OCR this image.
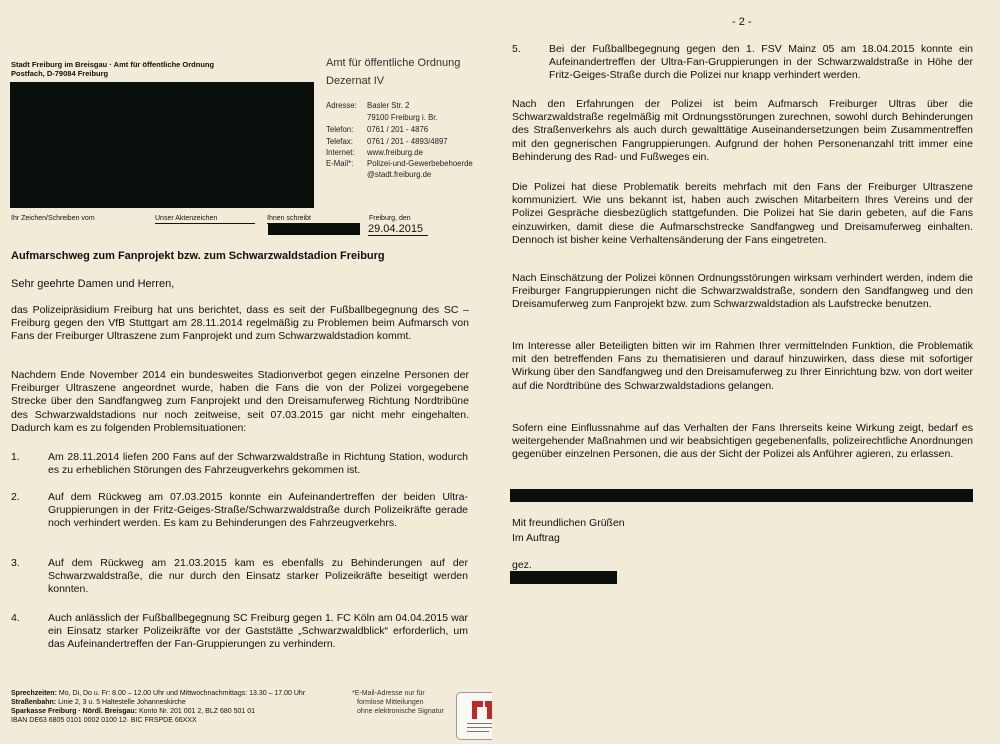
Stadt Freiburg im Breisgau · Amt für öffentliche Ordnung
Postfach, D-79084 Freiburg
Amt für öffentliche Ordnung
Dezernat IV
Adresse: Basler Str. 2
79100 Freiburg i. Br.
Telefon: 0761 / 201 - 4876
Telefax: 0761 / 201 - 4893/4897
Internet: www.freiburg.de
E-Mail*: Polizei-und-Gewerbebehoerde
@stadt.freiburg.de
Ihr Zeichen/Schreiben vom	Unser Aktenzeichen	Ihnen schreibt	Freiburg, den
29.04.2015
Aufmarschweg zum Fanprojekt bzw. zum Schwarzwaldstadion Freiburg
Sehr geehrte Damen und Herren,
das Polizeipräsidium Freiburg hat uns berichtet, dass es seit der Fußballbegegnung des SC – Freiburg gegen den VfB Stuttgart am 28.11.2014 regelmäßig zu Problemen beim Aufmarsch von Fans der Freiburger Ultraszene zum Fanprojekt und zum Schwarzwaldstadion kommt.
Nachdem Ende November 2014 ein bundesweites Stadionverbot gegen einzelne Personen der Freiburger Ultraszene angeordnet wurde, haben die Fans die von der Polizei vorgegebene Strecke über den Sandfangweg zum Fanprojekt und den Dreisamuferweg Richtung Nordtribüne des Schwarzwaldstadions nur noch zeitweise, seit 07.03.2015 gar nicht mehr eingehalten. Dadurch kam es zu folgenden Problemsituationen:
1.	Am 28.11.2014 liefen 200 Fans auf der Schwarzwaldstraße in Richtung Station, wodurch es zu erheblichen Störungen des Fahrzeugverkehrs gekommen ist.
2.	Auf dem Rückweg am 07.03.2015 konnte ein Aufeinandertreffen der beiden Ultra-Gruppierungen in der Fritz-Geiges-Straße/Schwarzwaldstraße durch Polizeikräfte gerade noch verhindert werden. Es kam zu Behinderungen des Fahrzeugverkehrs.
3.	Auf dem Rückweg am 21.03.2015 kam es ebenfalls zu Behinderungen auf der Schwarzwaldstraße, die nur durch den Einsatz starker Polizeikräfte beseitigt werden konnten.
4.	Auch anlässlich der Fußballbegegnung SC Freiburg gegen 1. FC Köln am 04.04.2015 war ein Einsatz starker Polizeikräfte vor der Gaststätte „Schwarzwaldblick“ erforderlich, um das Aufeinandertreffen der Fan-Gruppierungen zu verhindern.
Sprechzeiten: Mo, Di, Do u. Fr: 8.00 – 12.00 Uhr und Mittwochnachmittags: 13.30 – 17.00 Uhr
Straßenbahn: Linie 2, 3 u. 5 Haltestelle Johanneskirche
Sparkasse Freiburg · Nördl. Breisgau: Konto Nr. 201 001 2, BLZ 680 501 01
IBAN DE63 6805 0101 0002 0100 12· BIC FRSPDE 66XXX
*E-Mail-Adresse nur für
formlose Mitteilungen
ohne elektronische Signatur
- 2 -
5.	Bei der Fußballbegegnung gegen den 1. FSV Mainz 05 am 18.04.2015 konnte ein Aufeinandertreffen der Ultra-Fan-Gruppierungen in der Schwarzwaldstraße in Höhe der Fritz-Geiges-Straße durch die Polizei nur knapp verhindert werden.
Nach den Erfahrungen der Polizei ist beim Aufmarsch Freiburger Ultras über die Schwarzwaldstraße regelmäßig mit Ordnungsstörungen zurechnen, sowohl durch Behinderungen des Straßenverkehrs als auch durch gewalttätige Auseinandersetzungen beim Zusammentreffen mit den gegnerischen Fangruppierungen. Aufgrund der hohen Personenanzahl tritt immer eine Behinderung des Rad- und Fußweges ein.
Die Polizei hat diese Problematik bereits mehrfach mit den Fans der Freiburger Ultraszene kommuniziert. Wie uns bekannt ist, haben auch zwischen Mitarbeitern Ihres Vereins und der Polizei Gespräche diesbezüglich stattgefunden. Die Polizei hat Sie darin gebeten, auf die Fans einzuwirken, damit diese die Aufmarschstrecke Sandfangweg und Dreisamuferweg einhalten. Dennoch ist bisher keine Verhaltensänderung der Fans eingetreten.
Nach Einschätzung der Polizei können Ordnungsstörungen wirksam verhindert werden, indem die Freiburger Fangruppierungen nicht die Schwarzwaldstraße, sondern den Sandfangweg und den Dreisamuferweg zum Fanprojekt bzw. zum Schwarzwaldstadion als Laufstrecke benutzen.
Im Interesse aller Beteiligten bitten wir im Rahmen Ihrer vermittelnden Funktion, die Problematik mit den betreffenden Fans zu thematisieren und darauf hinzuwirken, dass diese mit sofortiger Wirkung über den Sandfangweg und den Dreisamuferweg zu Ihrer Einrichtung bzw. von dort weiter auf die Nordtribüne des Schwarzwaldstadions gelangen.
Sofern eine Einflussnahme auf das Verhalten der Fans Ihrerseits keine Wirkung zeigt, bedarf es weitergehender Maßnahmen und wir beabsichtigen gegebenenfalls, polizeirechtliche Anordnungen gegenüber einzelnen Personen, die aus der Sicht der Polizei als Anführer agieren, zu erlassen.
Mit freundlichen Grüßen
Im Auftrag
gez.
